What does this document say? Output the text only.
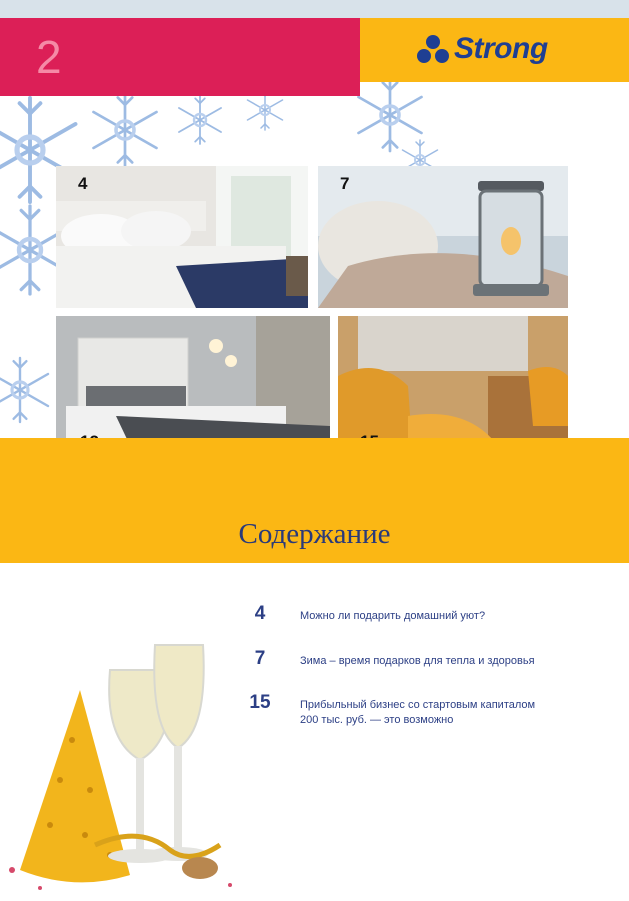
2	Strong
4	7
Содержание
4	Можно ли подарить домашний уют?
7	Зима – время подарков для тепла и здоровья
15	Прибыльный бизнес со стартовым капиталом
200 тыс. руб. — это возможно
